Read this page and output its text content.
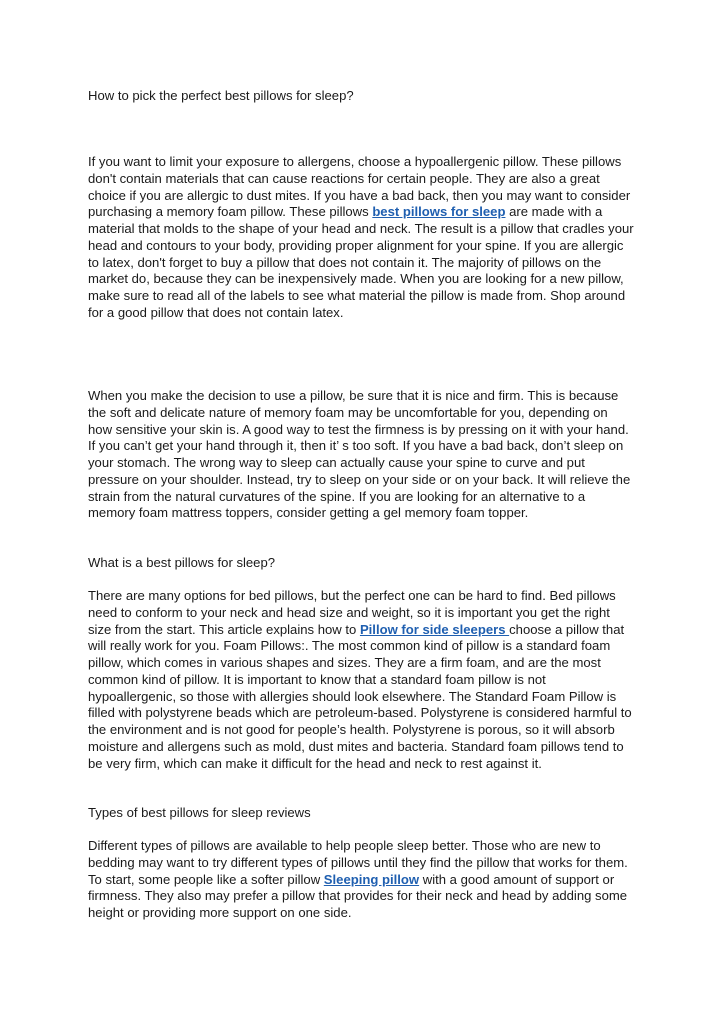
How to pick the perfect best pillows for sleep?

If you want to limit your exposure to allergens, choose a hypoallergenic pillow. These pillows don't contain materials that can cause reactions for certain people. They are also a great choice if you are allergic to dust mites. If you have a bad back, then you may want to consider purchasing a memory foam pillow. These pillows best pillows for sleep are made with a material that molds to the shape of your head and neck. The result is a pillow that cradles your head and contours to your body, providing proper alignment for your spine. If you are allergic to latex, don't forget to buy a pillow that does not contain it. The majority of pillows on the market do, because they can be inexpensively made. When you are looking for a new pillow, make sure to read all of the labels to see what material the pillow is made from. Shop around for a good pillow that does not contain latex.

When you make the decision to use a pillow, be sure that it is nice and firm. This is because the soft and delicate nature of memory foam may be uncomfortable for you, depending on how sensitive your skin is. A good way to test the firmness is by pressing on it with your hand. If you can’t get your hand through it, then it’ s too soft. If you have a bad back, don’t sleep on your stomach. The wrong way to sleep can actually cause your spine to curve and put pressure on your shoulder. Instead, try to sleep on your side or on your back. It will relieve the strain from the natural curvatures of the spine. If you are looking for an alternative to a memory foam mattress toppers, consider getting a gel memory foam topper.

What is a best pillows for sleep?

There are many options for bed pillows, but the perfect one can be hard to find. Bed pillows need to conform to your neck and head size and weight, so it is important you get the right size from the start. This article explains how to Pillow for side sleepers choose a pillow that will really work for you. Foam Pillows:. The most common kind of pillow is a standard foam pillow, which comes in various shapes and sizes. They are a firm foam, and are the most common kind of pillow. It is important to know that a standard foam pillow is not hypoallergenic, so those with allergies should look elsewhere. The Standard Foam Pillow is filled with polystyrene beads which are petroleum-based. Polystyrene is considered harmful to the environment and is not good for people’s health. Polystyrene is porous, so it will absorb moisture and allergens such as mold, dust mites and bacteria. Standard foam pillows tend to be very firm, which can make it difficult for the head and neck to rest against it.

Types of best pillows for sleep reviews

Different types of pillows are available to help people sleep better. Those who are new to bedding may want to try different types of pillows until they find the pillow that works for them. To start, some people like a softer pillow Sleeping pillow with a good amount of support or firmness. They also may prefer a pillow that provides for their neck and head by adding some height or providing more support on one side.
